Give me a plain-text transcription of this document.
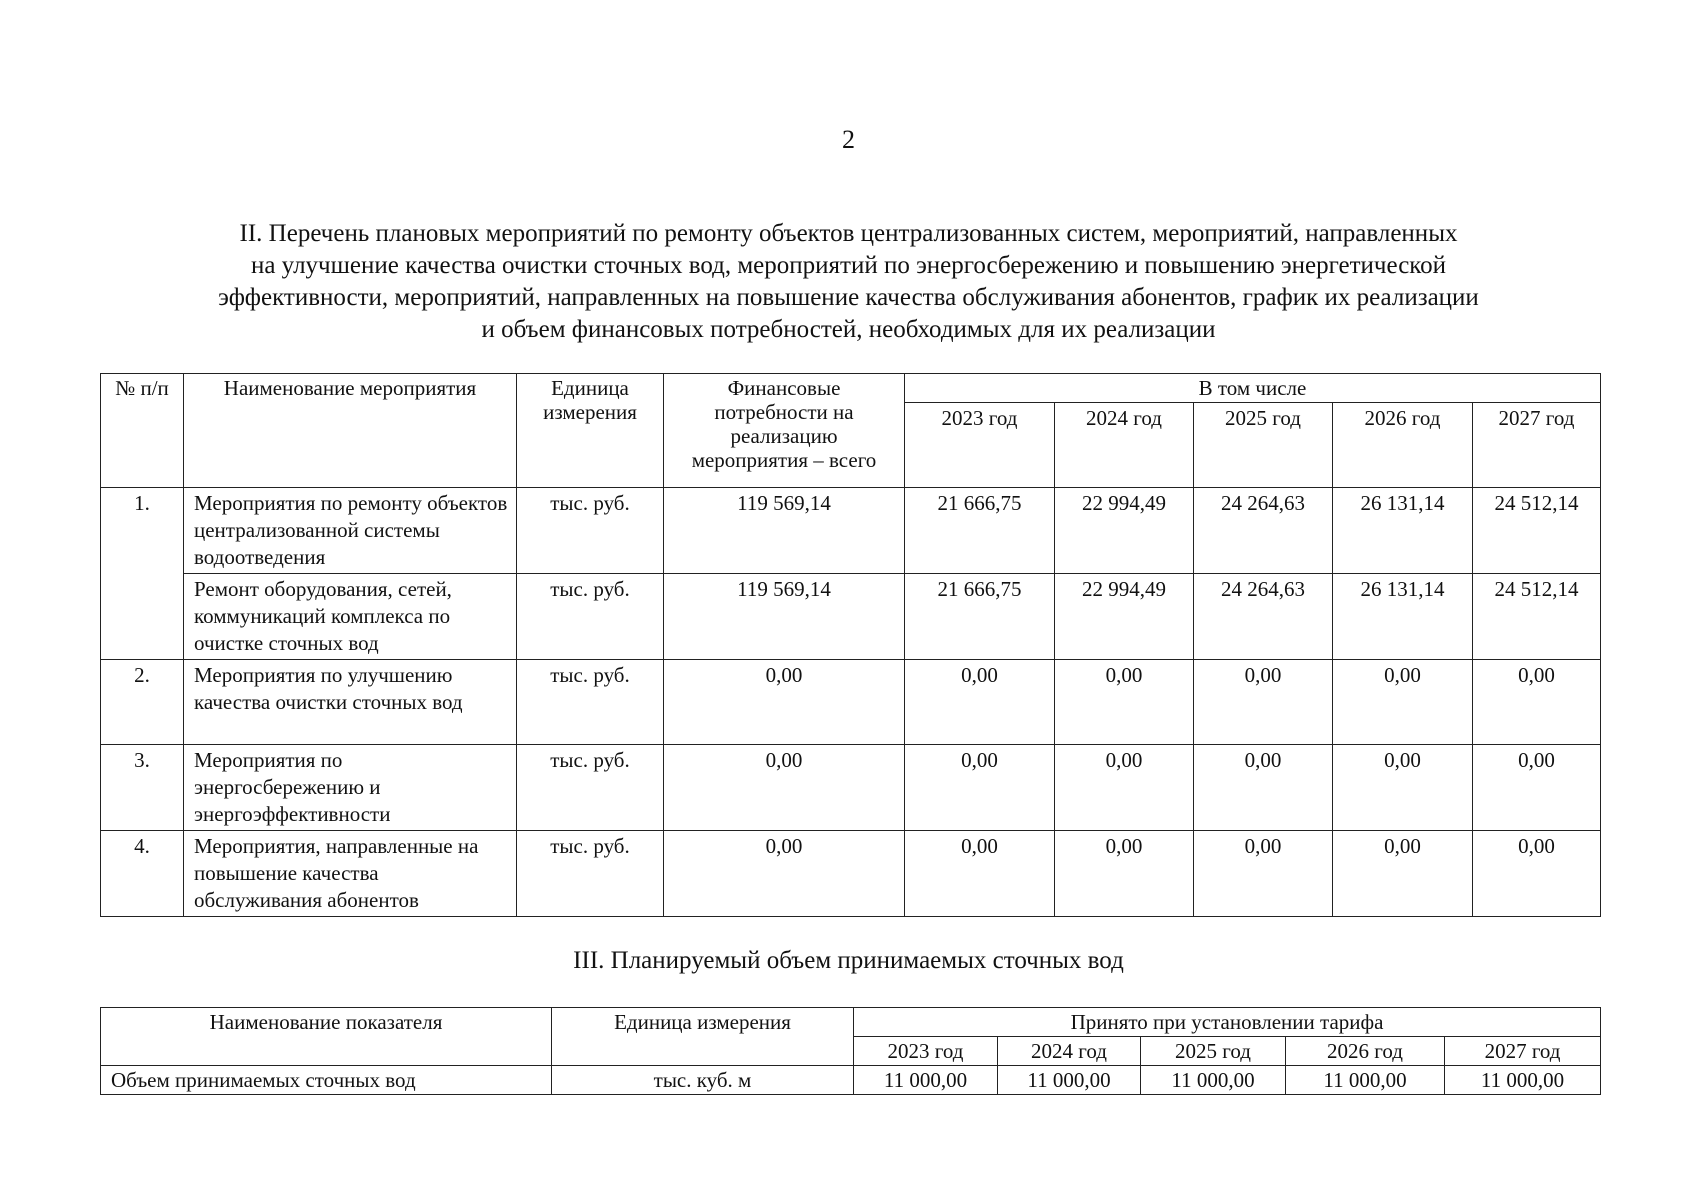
2
II. Перечень плановых мероприятий по ремонту объектов централизованных систем, мероприятий, направленных
на улучшение качества очистки сточных вод, мероприятий по энергосбережению и повышению энергетической
эффективности, мероприятий, направленных на повышение качества обслуживания абонентов, график их реализации
и объем финансовых потребностей, необходимых для их реализации
№ п/п	Наименование мероприятия	Единица измерения	Финансовые потребности на реализацию мероприятия – всего	В том числе				
				2023 год	2024 год	2025 год	2026 год	2027 год
1.	Мероприятия по ремонту объектов централизованной системы водоотведения	тыс. руб.	119 569,14	21 666,75	22 994,49	24 264,63	26 131,14	24 512,14
	Ремонт оборудования, сетей, коммуникаций комплекса по очистке сточных вод	тыс. руб.	119 569,14	21 666,75	22 994,49	24 264,63	26 131,14	24 512,14
2.	Мероприятия по улучшению качества очистки сточных вод	тыс. руб.	0,00	0,00	0,00	0,00	0,00	0,00
3.	Мероприятия по энергосбережению и энергоэффективности	тыс. руб.	0,00	0,00	0,00	0,00	0,00	0,00
4.	Мероприятия, направленные на повышение качества обслуживания абонентов	тыс. руб.	0,00	0,00	0,00	0,00	0,00	0,00
III. Планируемый объем принимаемых сточных вод
Наименование показателя	Единица измерения	Принято при установлении тарифа				
		2023 год	2024 год	2025 год	2026 год	2027 год
Объем принимаемых сточных вод	тыс. куб. м	11 000,00	11 000,00	11 000,00	11 000,00	11 000,00
